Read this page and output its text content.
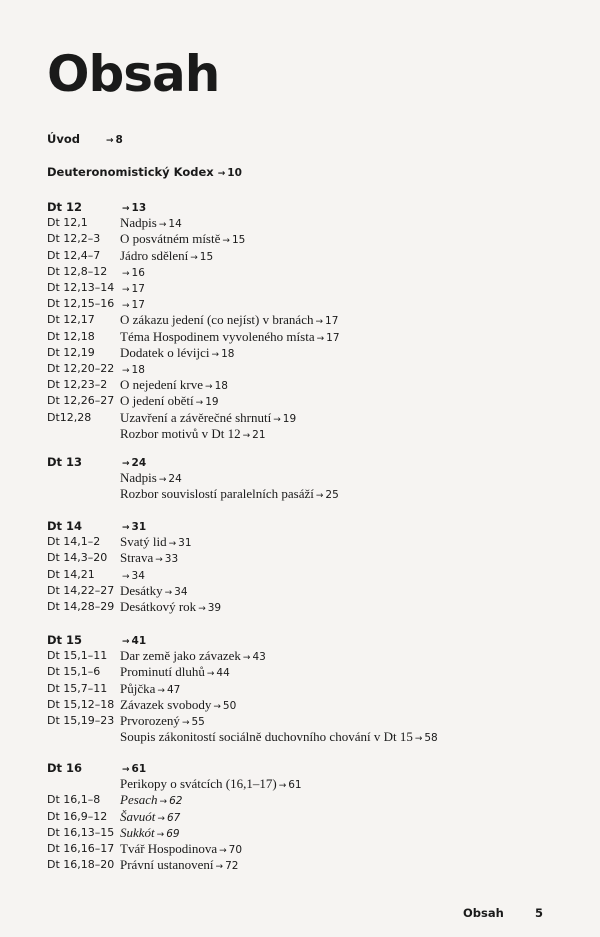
Obsah
Úvod	→ 8
Deuteronomistický Kodex → 10
Dt 12	→ 13
Dt 12,1 Nadpis → 14
Dt 12,2–3 O posvátném místě → 15
Dt 12,4–7 Jádro sdělení → 15
Dt 12,8–12 → 16
Dt 12,13–14 → 17
Dt 12,15–16 → 17
Dt 12,17 O zákazu jedení (co nejíst) v branách → 17
Dt 12,18 Téma Hospodinem vyvoleného místa → 17
Dt 12,19 Dodatek o lévijci → 18
Dt 12,20–22 → 18
Dt 12,23–2 O nejedení krve → 18
Dt 12,26–27 O jedení obětí → 19
Dt12,28 Uzavření a závěrečné shrnutí → 19
Rozbor motivů v Dt 12 → 21
Dt 13	→ 24
Nadpis → 24
Rozbor souvislostí paralelních pasáží → 25
Dt 14	→ 31
Dt 14,1–2 Svatý lid → 31
Dt 14,3–20 Strava → 33
Dt 14,21	→ 34
Dt 14,22–27 Desátky → 34
Dt 14,28–29 Desátkový rok → 39
Dt 15	→ 41
Dt 15,1–11 Dar země jako závazek → 43
Dt 15,1–6 Prominutí dluhů → 44
Dt 15,7–11 Půjčka → 47
Dt 15,12–18 Závazek svobody → 50
Dt 15,19–23 Prvorozený → 55
Soupis zákonitostí sociálně duchovního chování v Dt 15 → 58
Dt 16	→ 61
Perikopy o svátcích (16,1–17) → 61
Dt 16,1–8 Pesach → 62
Dt 16,9–12 Šavuót → 67
Dt 16,13–15 Sukkót → 69
Dt 16,16–17 Tvář Hospodinova → 70
Dt 16,18–20 Právní ustanovení → 72
Obsah	5
